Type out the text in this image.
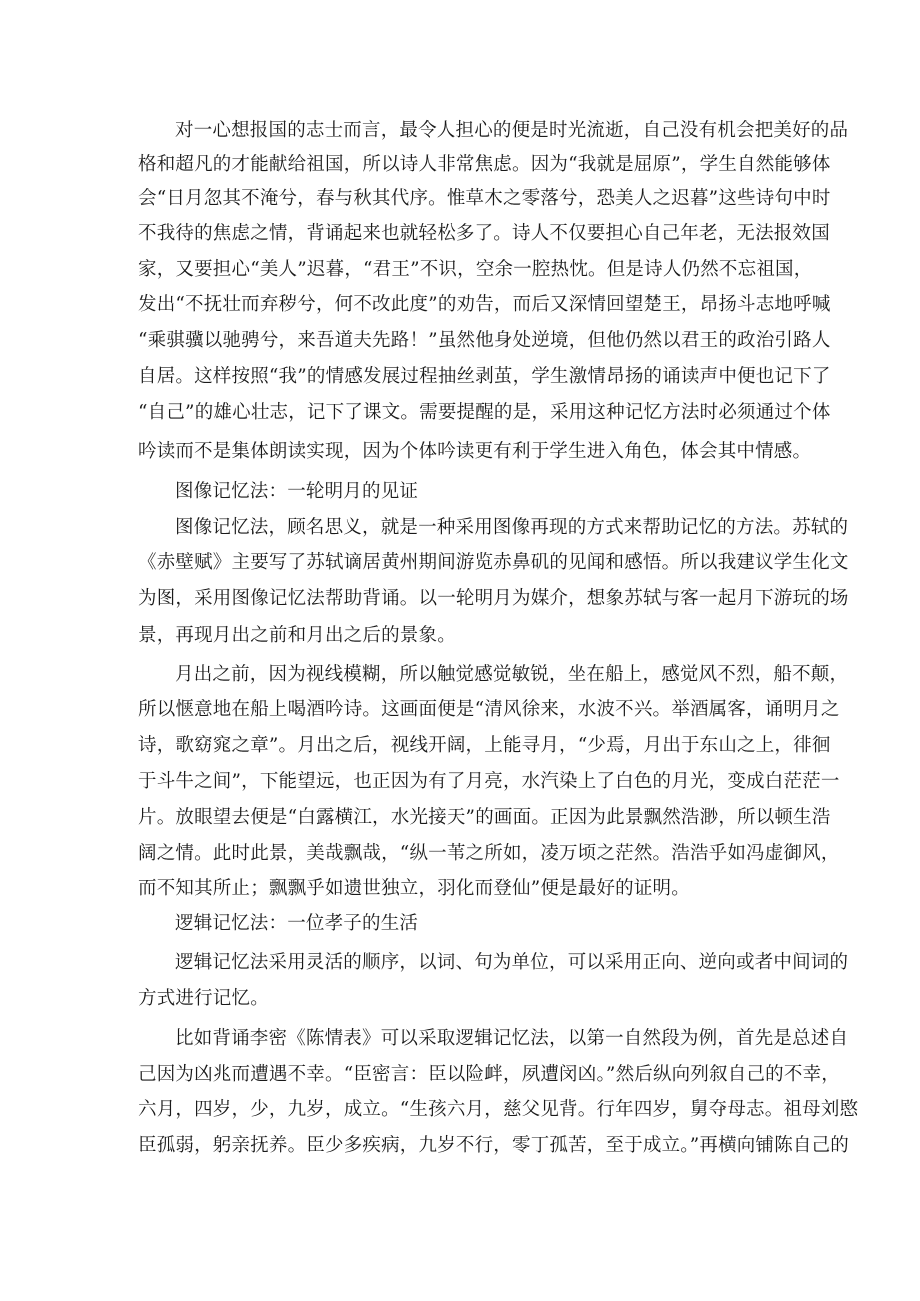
对一心想报国的志士而言，最令人担心的便是时光流逝，自己没有机会把美好的品
格和超凡的才能献给祖国，所以诗人非常焦虑。因为“我就是屈原”，学生自然能够体
会“日月忽其不淹兮，春与秋其代序。惟草木之零落兮，恐美人之迟暮”这些诗句中时
不我待的焦虑之情，背诵起来也就轻松多了。诗人不仅要担心自己年老，无法报效国
家，又要担心“美人”迟暮，“君王”不识，空余一腔热忱。但是诗人仍然不忘祖国，
发出“不抚壮而弃秽兮，何不改此度”的劝告，而后又深情回望楚王，昂扬斗志地呼喊
“乘骐骥以驰骋兮，来吾道夫先路！”虽然他身处逆境，但他仍然以君王的政治引路人
自居。这样按照“我”的情感发展过程抽丝剥茧，学生激情昂扬的诵读声中便也记下了
“自己”的雄心壮志，记下了课文。需要提醒的是，采用这种记忆方法时必须通过个体
吟读而不是集体朗读实现，因为个体吟读更有利于学生进入角色，体会其中情感。
图像记忆法：一轮明月的见证
图像记忆法，顾名思义，就是一种采用图像再现的方式来帮助记忆的方法。苏轼的
《赤壁赋》主要写了苏轼谪居黄州期间游览赤鼻矶的见闻和感悟。所以我建议学生化文
为图，采用图像记忆法帮助背诵。以一轮明月为媒介，想象苏轼与客一起月下游玩的场
景，再现月出之前和月出之后的景象。
月出之前，因为视线模糊，所以触觉感觉敏锐，坐在船上，感觉风不烈，船不颠，
所以惬意地在船上喝酒吟诗。这画面便是“清风徐来，水波不兴。举酒属客，诵明月之
诗，歌窈窕之章”。月出之后，视线开阔，上能寻月，“少焉，月出于东山之上，徘徊
于斗牛之间”，下能望远，也正因为有了月亮，水汽染上了白色的月光，变成白茫茫一
片。放眼望去便是“白露横江，水光接天”的画面。正因为此景飘然浩渺，所以顿生浩
阔之情。此时此景，美哉飘哉，“纵一苇之所如，凌万顷之茫然。浩浩乎如冯虚御风，
而不知其所止；飘飘乎如遗世独立，羽化而登仙”便是最好的证明。
逻辑记忆法：一位孝子的生活
逻辑记忆法采用灵活的顺序，以词、句为单位，可以采用正向、逆向或者中间词的
方式进行记忆。
比如背诵李密《陈情表》可以采取逻辑记忆法，以第一自然段为例，首先是总述自
己因为凶兆而遭遇不幸。“臣密言：臣以险衅，夙遭闵凶。”然后纵向列叙自己的不幸，
六月，四岁，少，九岁，成立。“生孩六月，慈父见背。行年四岁，舅夺母志。祖母刘愍
臣孤弱，躬亲抚养。臣少多疾病，九岁不行，零丁孤苦，至于成立。”再横向铺陈自己的
